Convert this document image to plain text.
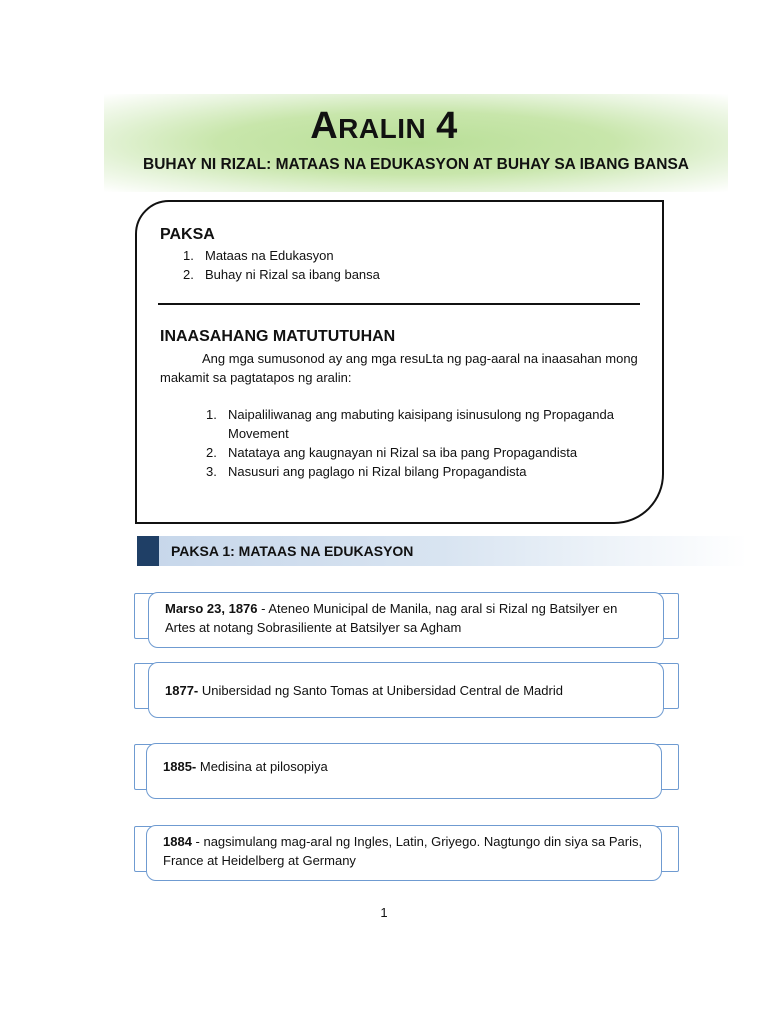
ARALIN 4
BUHAY NI RIZAL: MATAAS NA EDUKASYON AT BUHAY SA IBANG BANSA
PAKSA
1. Mataas na Edukasyon
2. Buhay ni Rizal sa ibang bansa
INAASAHANG MATUTUTUHAN
Ang mga sumusonod ay ang mga resuLta ng pag-aaral na inaasahan mong makamit sa pagtatapos ng aralin:
1. Naipaliliwanag ang mabuting kaisipang isinusulong ng Propaganda
Movement
2. Natataya ang kaugnayan ni Rizal sa iba pang Propagandista
3. Nasusuri ang paglago ni Rizal bilang Propagandista
PAKSA 1: MATAAS NA EDUKASYON
Marso 23, 1876 - Ateneo Municipal de Manila, nag aral si Rizal ng Batsilyer en Artes at notang Sobrasiliente at Batsilyer sa Agham
1877- Unibersidad ng Santo Tomas at Unibersidad Central de Madrid
1885- Medisina at pilosopiya
1884 - nagsimulang mag-aral ng Ingles, Latin, Griyego. Nagtungo din siya sa Paris, France at Heidelberg at Germany
1
